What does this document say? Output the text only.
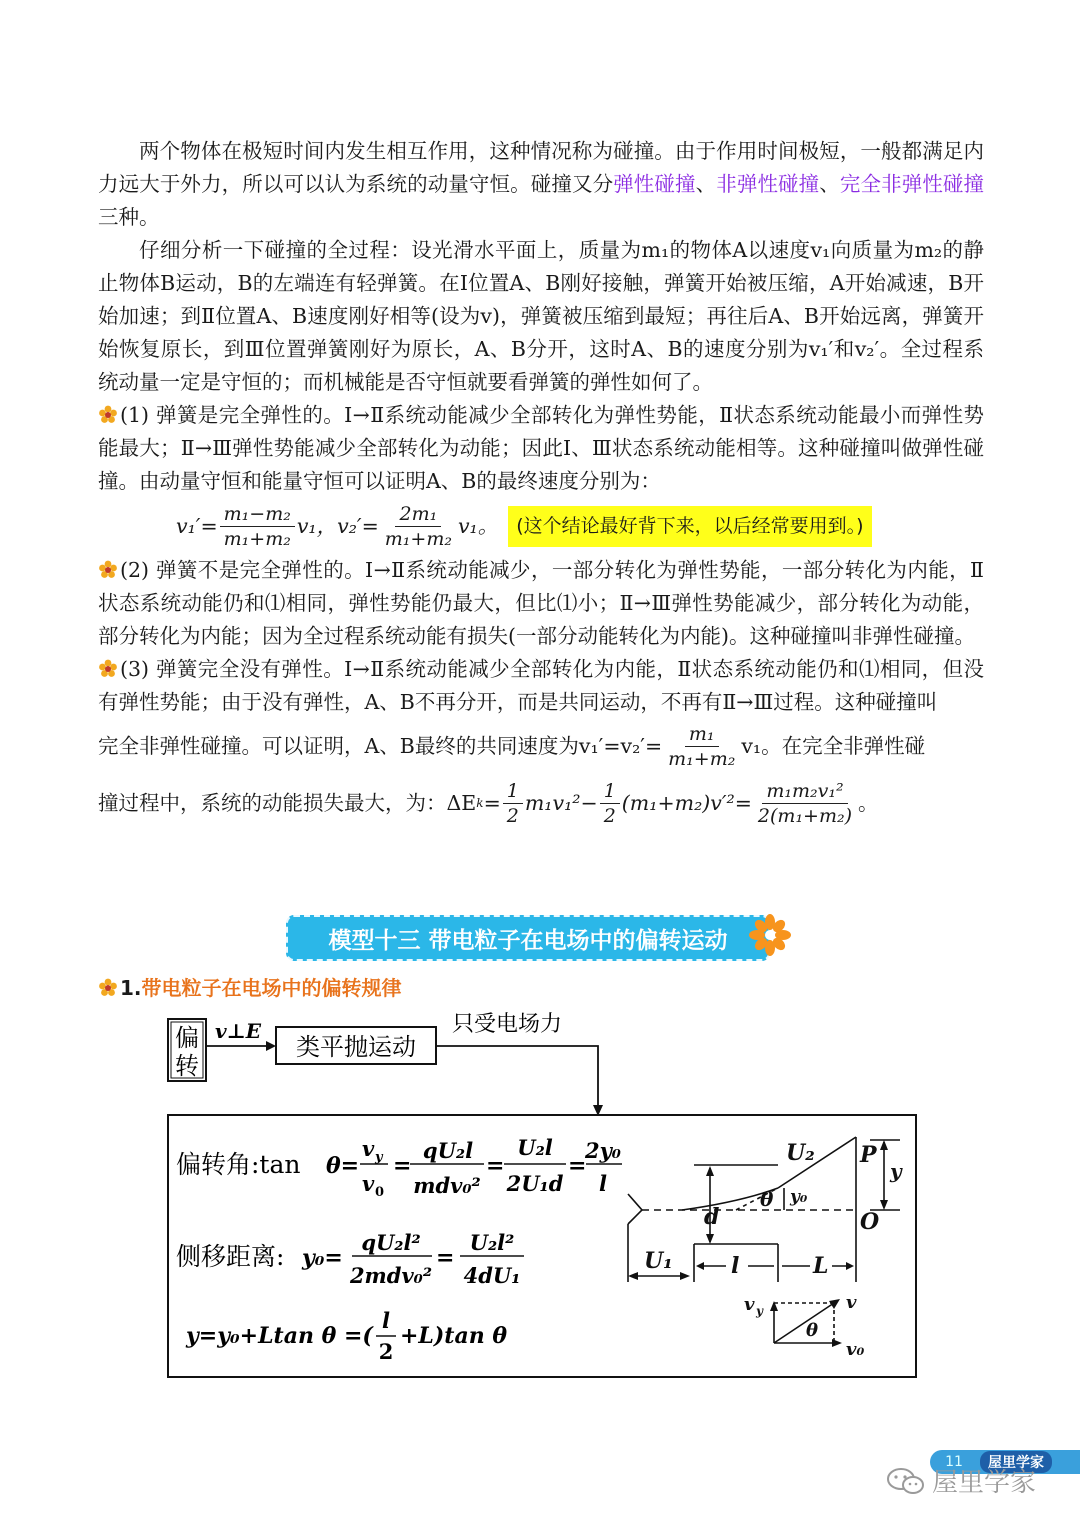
两个物体在极短时间内发生相互作用，这种情况称为碰撞。由于作用时间极短，一般都满足内力远大于外力，所以可以认为系统的动量守恒。碰撞又分弹性碰撞、非弹性碰撞、完全非弹性碰撞三种。

仔细分析一下碰撞的全过程：设光滑水平面上，质量为m₁的物体A以速度v₁向质量为m₂的静止物体B运动，B的左端连有轻弹簧。在Ⅰ位置A、B刚好接触，弹簧开始被压缩，A开始减速，B开始加速；到Ⅱ位置A、B速度刚好相等(设为v)，弹簧被压缩到最短；再往后A、B开始远离，弹簧开始恢复原长，到Ⅲ位置弹簧刚好为原长，A、B分开，这时A、B的速度分别为v₁′和v₂′。全过程系统动量一定是守恒的；而机械能是否守恒就要看弹簧的弹性如何了。

(1) 弹簧是完全弹性的。Ⅰ→Ⅱ系统动能减少全部转化为弹性势能，Ⅱ状态系统动能最小而弹性势能最大；Ⅱ→Ⅲ弹性势能减少全部转化为动能；因此Ⅰ、Ⅲ状态系统动能相等。这种碰撞叫做弹性碰撞。由动量守恒和能量守恒可以证明A、B的最终速度分别为：

$v_1'= \frac{\text{m₁−m₂}}{\text{m₁+m₂}} v_1$，$v_2'= \frac{\text{2m₁}}{\text{m₁+m₂}} v_1$。 (这个结论最好背下来，以后经常要用到。)

(2) 弹簧不是完全弹性的。Ⅰ→Ⅱ系统动能减少，一部分转化为弹性势能，一部分转化为内能，Ⅱ状态系统动能仍和⑴相同，弹性势能仍最大，但比⑴小；Ⅱ→Ⅲ弹性势能减少，部分转化为动能，部分转化为内能；因为全过程系统动能有损失(一部分动能转化为内能)。这种碰撞叫非弹性碰撞。

(3) 弹簧完全没有弹性。Ⅰ→Ⅱ系统动能减少全部转化为内能，Ⅱ状态系统动能仍和⑴相同，但没有弹性势能；由于没有弹性，A、B不再分开，而是共同运动，不再有Ⅱ→Ⅲ过程。这种碰撞叫

完全非弹性碰撞。可以证明，A、B最终的共同速度为$v_1'=v_2'= \frac{\text{m₁}}{\text{m₁+m₂}} v_1$。在完全非弹性碰

撞过程中，系统的动能损失最大，为：ΔE $k = \frac{1}{2} m_1v_1^2- \frac{1}{2} (m_1+m_2)v'^2= \frac{\text{m₁m₂v₁²}}{\text{2(m₁+m₂)}}$ 。

模型十三 带电粒子在电场中的偏转运动
1.带电粒子在电场中的偏转规律
偏
转
v⊥E
类平抛运动
只受电场力
偏转角:tan θ=
v y
v 0
=
qU₂l
mdv₀²
=
U₂l
2U₁d
=
2y₀
l
侧移距离: y₀=
qU₂l²
2mdv₀²
=
U₂l²
4dU₁
y=y₀+Ltan θ =(
l
2
+L)tan θ
U₂ P
y
θ y₀
d	O
U₁	l	L
v y
θ
v
v₀
11	屋里学家
屋里学家
